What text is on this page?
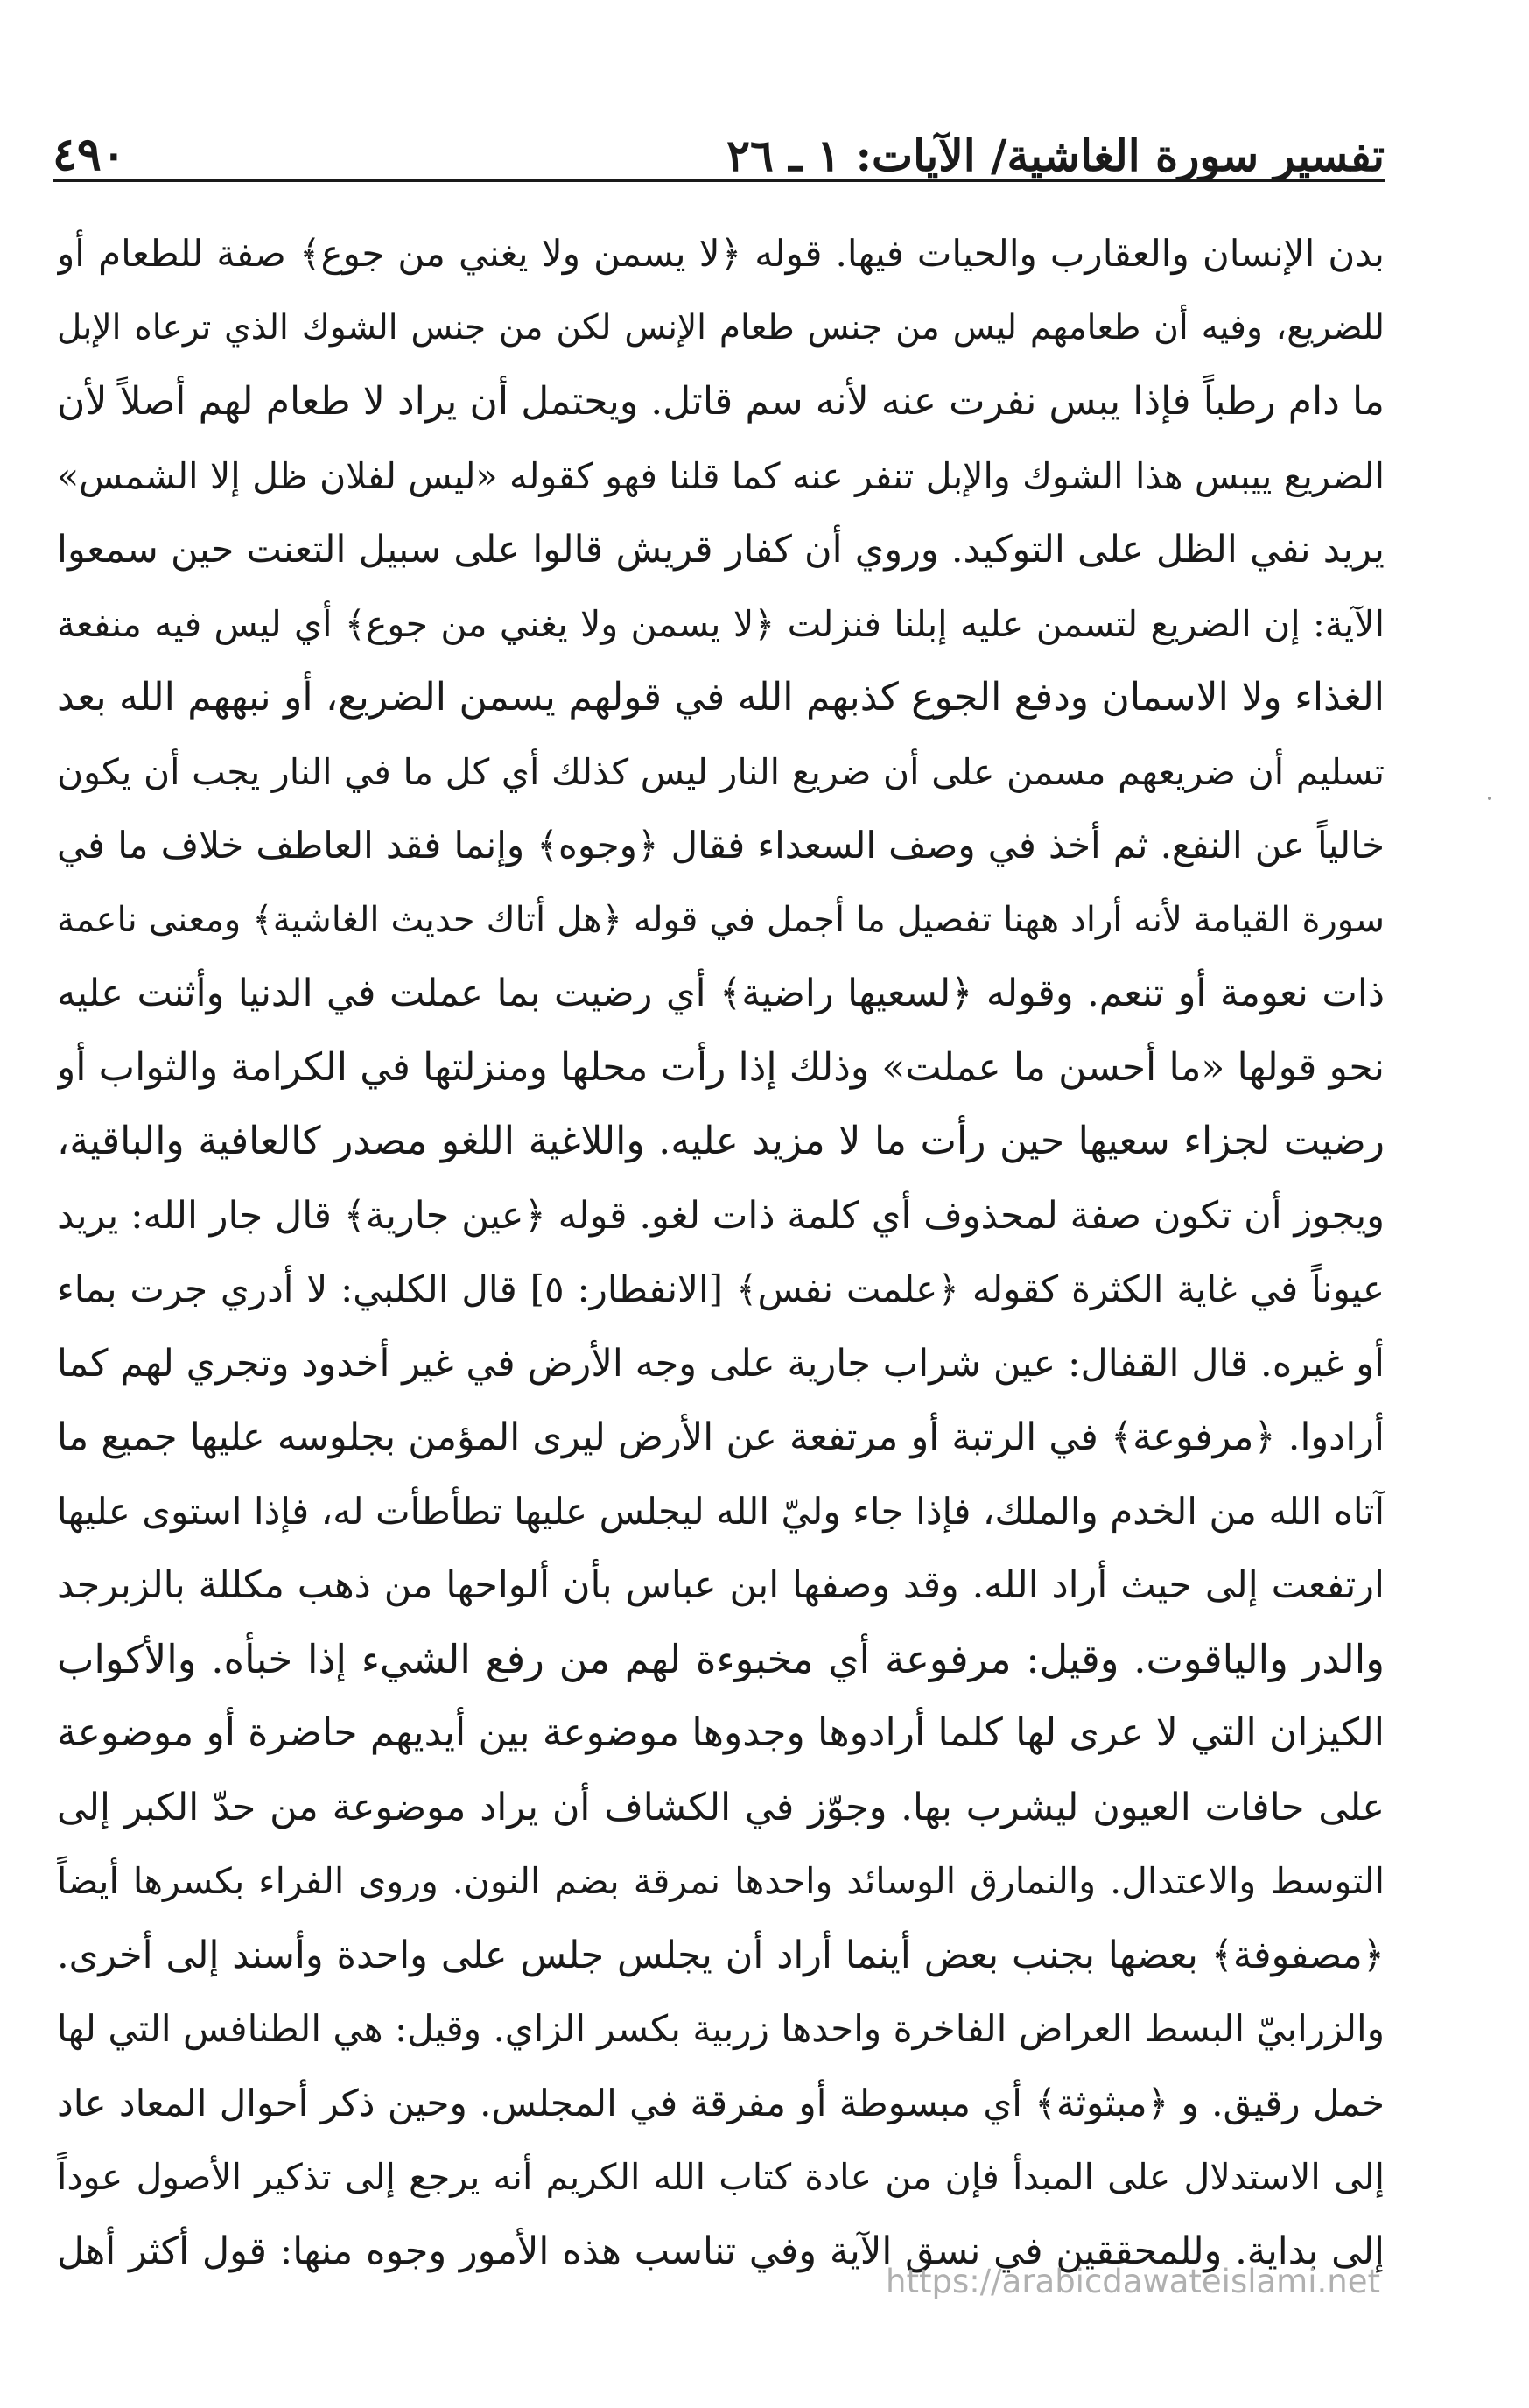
تفسير سورة الغاشية/ الآيات: ١ ـ ٢٦
٤٩٠
بدن الإنسان والعقارب والحيات فيها. قوله ﴿لا يسمن ولا يغني من جوع﴾ صفة للطعام أو
للضريع، وفيه أن طعامهم ليس من جنس طعام الإنس لكن من جنس الشوك الذي ترعاه الإبل
ما دام رطباً فإذا يبس نفرت عنه لأنه سم قاتل. ويحتمل أن يراد لا طعام لهم أصلاً لأن
الضريع ييبس هذا الشوك والإبل تنفر عنه كما قلنا فهو كقوله «ليس لفلان ظل إلا الشمس»
يريد نفي الظل على التوكيد. وروي أن كفار قريش قالوا على سبيل التعنت حين سمعوا
الآية: إن الضريع لتسمن عليه إبلنا فنزلت ﴿لا يسمن ولا يغني من جوع﴾ أي ليس فيه منفعة
الغذاء ولا الاسمان ودفع الجوع كذبهم الله في قولهم يسمن الضريع، أو نبههم الله بعد
تسليم أن ضريعهم مسمن على أن ضريع النار ليس كذلك أي كل ما في النار يجب أن يكون
خالياً عن النفع. ثم أخذ في وصف السعداء فقال ﴿وجوه﴾ وإنما فقد العاطف خلاف ما في
سورة القيامة لأنه أراد ههنا تفصيل ما أجمل في قوله ﴿هل أتاك حديث الغاشية﴾ ومعنى ناعمة
ذات نعومة أو تنعم. وقوله ﴿لسعيها راضية﴾ أي رضيت بما عملت في الدنيا وأثنت عليه
نحو قولها «ما أحسن ما عملت» وذلك إذا رأت محلها ومنزلتها في الكرامة والثواب أو
رضيت لجزاء سعيها حين رأت ما لا مزيد عليه. واللاغية اللغو مصدر كالعافية والباقية،
ويجوز أن تكون صفة لمحذوف أي كلمة ذات لغو. قوله ﴿عين جارية﴾ قال جار الله: يريد
عيوناً في غاية الكثرة كقوله ﴿علمت نفس﴾ [الانفطار: ٥] قال الكلبي: لا أدري جرت بماء
أو غيره. قال القفال: عين شراب جارية على وجه الأرض في غير أخدود وتجري لهم كما
أرادوا. ﴿مرفوعة﴾ في الرتبة أو مرتفعة عن الأرض ليرى المؤمن بجلوسه عليها جميع ما
آتاه الله من الخدم والملك، فإذا جاء وليّ الله ليجلس عليها تطأطأت له، فإذا استوى عليها
ارتفعت إلى حيث أراد الله. وقد وصفها ابن عباس بأن ألواحها من ذهب مكللة بالزبرجد
والدر والياقوت. وقيل: مرفوعة أي مخبوءة لهم من رفع الشيء إذا خبأه. والأكواب
الكيزان التي لا عرى لها كلما أرادوها وجدوها موضوعة بين أيديهم حاضرة أو موضوعة
على حافات العيون ليشرب بها. وجوّز في الكشاف أن يراد موضوعة من حدّ الكبر إلى
التوسط والاعتدال. والنمارق الوسائد واحدها نمرقة بضم النون. وروى الفراء بكسرها أيضاً
﴿مصفوفة﴾ بعضها بجنب بعض أينما أراد أن يجلس جلس على واحدة وأسند إلى أخرى.
والزرابيّ البسط العراض الفاخرة واحدها زربية بكسر الزاي. وقيل: هي الطنافس التي لها
خمل رقيق. و ﴿مبثوثة﴾ أي مبسوطة أو مفرقة في المجلس. وحين ذكر أحوال المعاد عاد
إلى الاستدلال على المبدأ فإن من عادة كتاب الله الكريم أنه يرجع إلى تذكير الأصول عوداً
إلى بداية. وللمحققين في نسق الآية وفي تناسب هذه الأمور وجوه منها: قول أكثر أهل
https://arabicdawateislami.net
